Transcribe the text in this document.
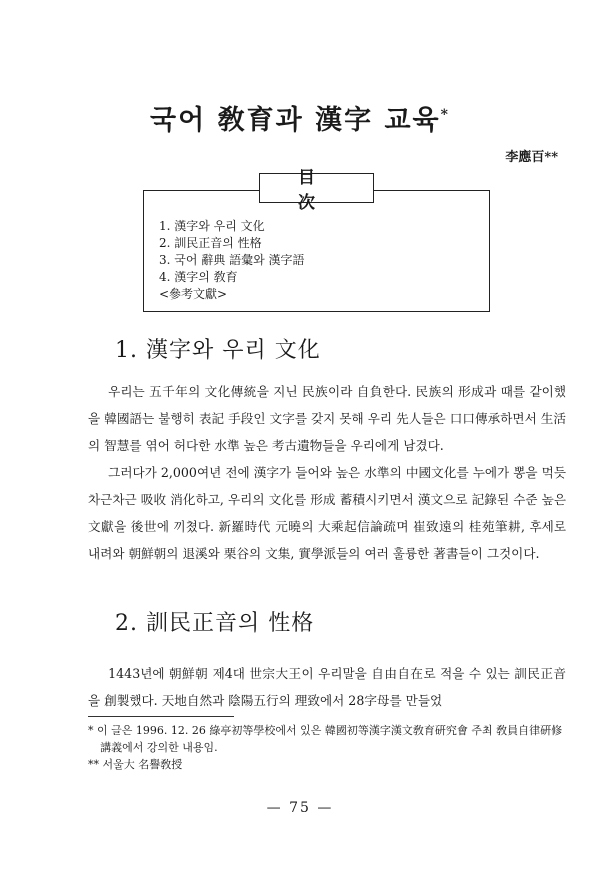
국어 敎育과 漢字 교육*
李應百**
目次
1. 漢字와 우리 文化
2. 訓民正音의 性格
3. 국어 辭典 語彙와 漢字語
4. 漢字의 敎育
<參考文獻>
1. 漢字와 우리 文化

우리는 五千年의 文化傳統을 지닌 民族이라 自負한다. 民族의 形成과 때를 같이했을 韓國語는 불행히 表記 手段인 文字를 갖지 못해 우리 先人들은 口口傳承하면서 生活의 智慧를 엮어 허다한 水準 높은 考古遺物들을 우리에게 남겼다.

그러다가 2,000여년 전에 漢字가 들어와 높은 水準의 中國文化를 누에가 뽕을 먹듯 차근차근 吸收 消化하고, 우리의 文化를 形成 蓄積시키면서 漢文으로 記錄된 수준 높은 文獻을 後世에 끼쳤다. 新羅時代 元曉의 大乘起信論疏며 崔致遠의 桂苑筆耕, 후세로 내려와 朝鮮朝의 退溪와 栗谷의 文集, 實學派들의 여러 훌륭한 著書들이 그것이다.

2. 訓民正音의 性格

1443년에 朝鮮朝 제4대 世宗大王이 우리말을 自由自在로 적을 수 있는 訓民正音을 創製했다. 天地自然과 陰陽五行의 理致에서 28字母를 만들었

* 이 글은 1996. 12. 26 綠亭初等學校에서 있은 韓國初等漢字漢文敎育硏究會 주최 敎員自律硏修講義에서 강의한 내용임.

** 서울大 名譽敎授

— 75 —
